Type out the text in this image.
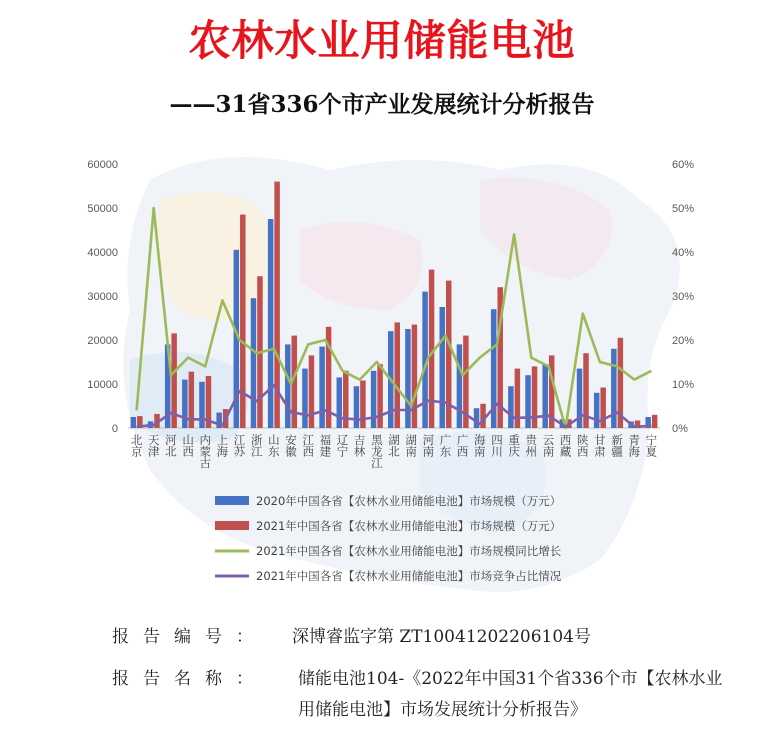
农林水业用储能电池
——31省336个市产业发展统计分析报告
0
10000
20000
30000
40000
50000
60000
0%
10%
20%
30%
40%
50%
60%
北
京
天
津
河
北
山
西
内
蒙
古
上
海
江
苏
浙
江
山
东
安
徽
江
西
福
建
辽
宁
吉
林
黑
龙
江
湖
北
湖
南
河
南
广
东
广
西
海
南
四
川
重
庆
贵
州
云
南
西
藏
陕
西
甘
肃
新
疆
青
海
宁
夏
2020年中国各省【农林水业用储能电池】市场规模（万元）
2021年中国各省【农林水业用储能电池】市场规模（万元）
2021年中国各省【农林水业用储能电池】市场规模同比增长
2021年中国各省【农林水业用储能电池】市场竞争占比情况
报告编号： 深博睿监字第 ZT10041202206104号
报告名称： 储能电池104-《2022年中国31个省336个市【农林水业用储能电池】市场发展统计分析报告》
